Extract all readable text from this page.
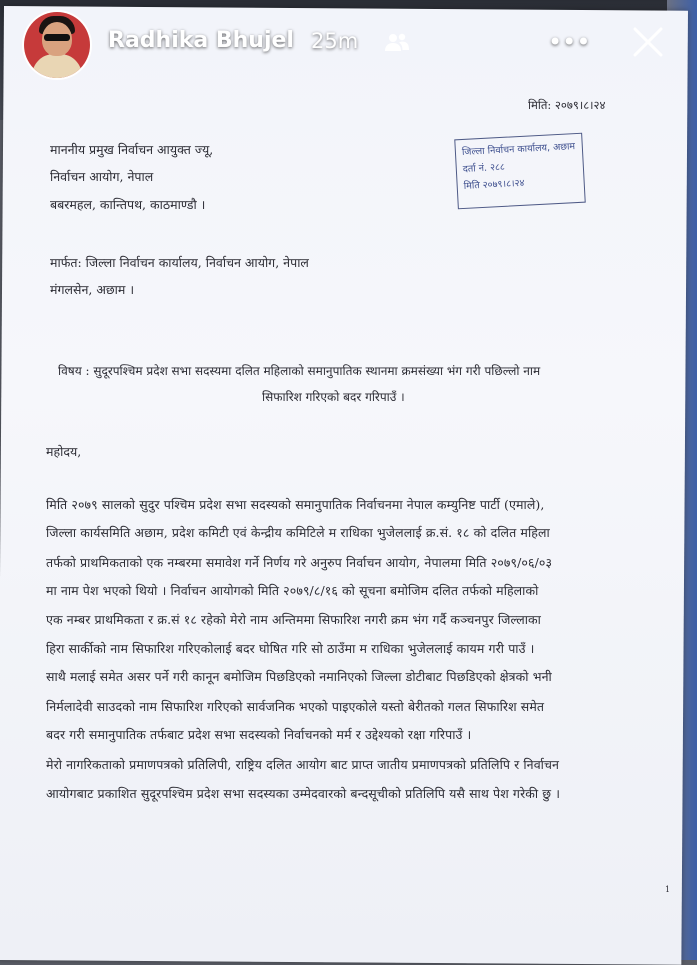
मिति: २०७९।८।२४
माननीय प्रमुख निर्वाचन आयुक्त ज्यू,
निर्वाचन आयोग, नेपाल
बबरमहल, कान्तिपथ, काठमाण्डौ ।
जिल्ला निर्वाचन कार्यालय, अछाम
दर्ता नं. २८८
मिति २०७९।८।२४
मार्फत: जिल्ला निर्वाचन कार्यालय, निर्वाचन आयोग, नेपाल
मंगलसेन, अछाम ।
विषय : सुदूरपश्चिम प्रदेश सभा सदस्यमा दलित महिलाको समानुपातिक स्थानमा क्रमसंख्या भंग गरी पछिल्लो नाम
सिफारिश गरिएको बदर गरिपाउँ ।
महोदय,
मिति २०७९ सालको सुदुर पश्चिम प्रदेश सभा सदस्यको समानुपातिक निर्वाचनमा नेपाल कम्युनिष्ट पार्टी (एमाले),
जिल्ला कार्यसमिति अछाम, प्रदेश कमिटी एवं केन्द्रीय कमिटिले म राधिका भुजेललाई क्र.सं. १८ को दलित महिला
तर्फको प्राथमिकताको एक नम्बरमा समावेश गर्ने निर्णय गरे अनुरुप निर्वाचन आयोग, नेपालमा मिति २०७९/०६/०३
मा नाम पेश भएको थियो । निर्वाचन आयोगको मिति २०७९/८/१६ को सूचना बमोजिम दलित तर्फको महिलाको
एक नम्बर प्राथमिकता र क्र.सं १८ रहेको मेरो नाम अन्तिममा सिफारिश नगरी क्रम भंग गर्दै कञ्चनपुर जिल्लाका
हिरा सार्कीको नाम सिफारिश गरिएकोलाई बदर घोषित गरि सो ठाउँमा म राधिका भुजेललाई कायम गरी पाउँ ।
साथै मलाई समेत असर पर्ने गरी कानून बमोजिम पिछडिएको नमानिएको जिल्ला डोटीबाट पिछडिएको क्षेत्रको भनी
निर्मलादेवी साउदको नाम सिफारिश गरिएको सार्वजनिक भएको पाइएकोले यस्तो बेरीतको गलत सिफारिश समेत
बदर गरी समानुपातिक तर्फबाट प्रदेश सभा सदस्यको निर्वाचनको मर्म र उद्देश्यको रक्षा गरिपाउँ ।
मेरो नागरिकताको प्रमाणपत्रको प्रतिलिपी, राष्ट्रिय दलित आयोग बाट प्राप्त जातीय प्रमाणपत्रको प्रतिलिपि र निर्वाचन
आयोगबाट प्रकाशित सुदूरपश्चिम प्रदेश सभा सदस्यका उम्मेदवारको बन्दसूचीको प्रतिलिपि यसै साथ पेश गरेकी छु ।
1
Radhika Bhujel 25m	•••
